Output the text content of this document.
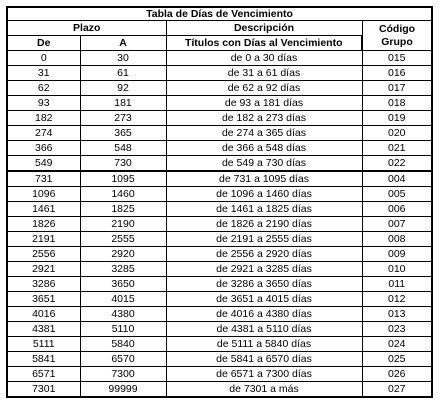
Tabla de Días de Vencimiento			
Plazo		Descripción	Código
Grupo
De	A	Títulos con Días al Vencimiento	
0	30	de 0 a 30 días	015
31	61	de 31 a 61 días	016
62	92	de 62 a 92 días	017
93	181	de 93 a 181 días	018
182	273	de 182 a 273 días	019
274	365	de 274 a 365 días	020
366	548	de 366 a 548 días	021
549	730	de 549 a 730 días	022
731	1095	de 731 a 1095 días	004
1096	1460	de 1096 a 1460 días	005
1461	1825	de 1461 a 1825 días	006
1826	2190	de 1826 a 2190 días	007
2191	2555	de 2191 a 2555 días	008
2556	2920	de 2556 a 2920 días	009
2921	3285	de 2921 a 3285 días	010
3286	3650	de 3286 a 3650 días	011
3651	4015	de 3651 a 4015 días	012
4016	4380	de 4016 a 4380 días	013
4381	5110	de 4381 a 5110 días	023
5111	5840	de 5111 a 5840 días	024
5841	6570	de 5841 a 6570 días	025
6571	7300	de 6571 a 7300 días	026
7301	99999	de 7301 a más	027
